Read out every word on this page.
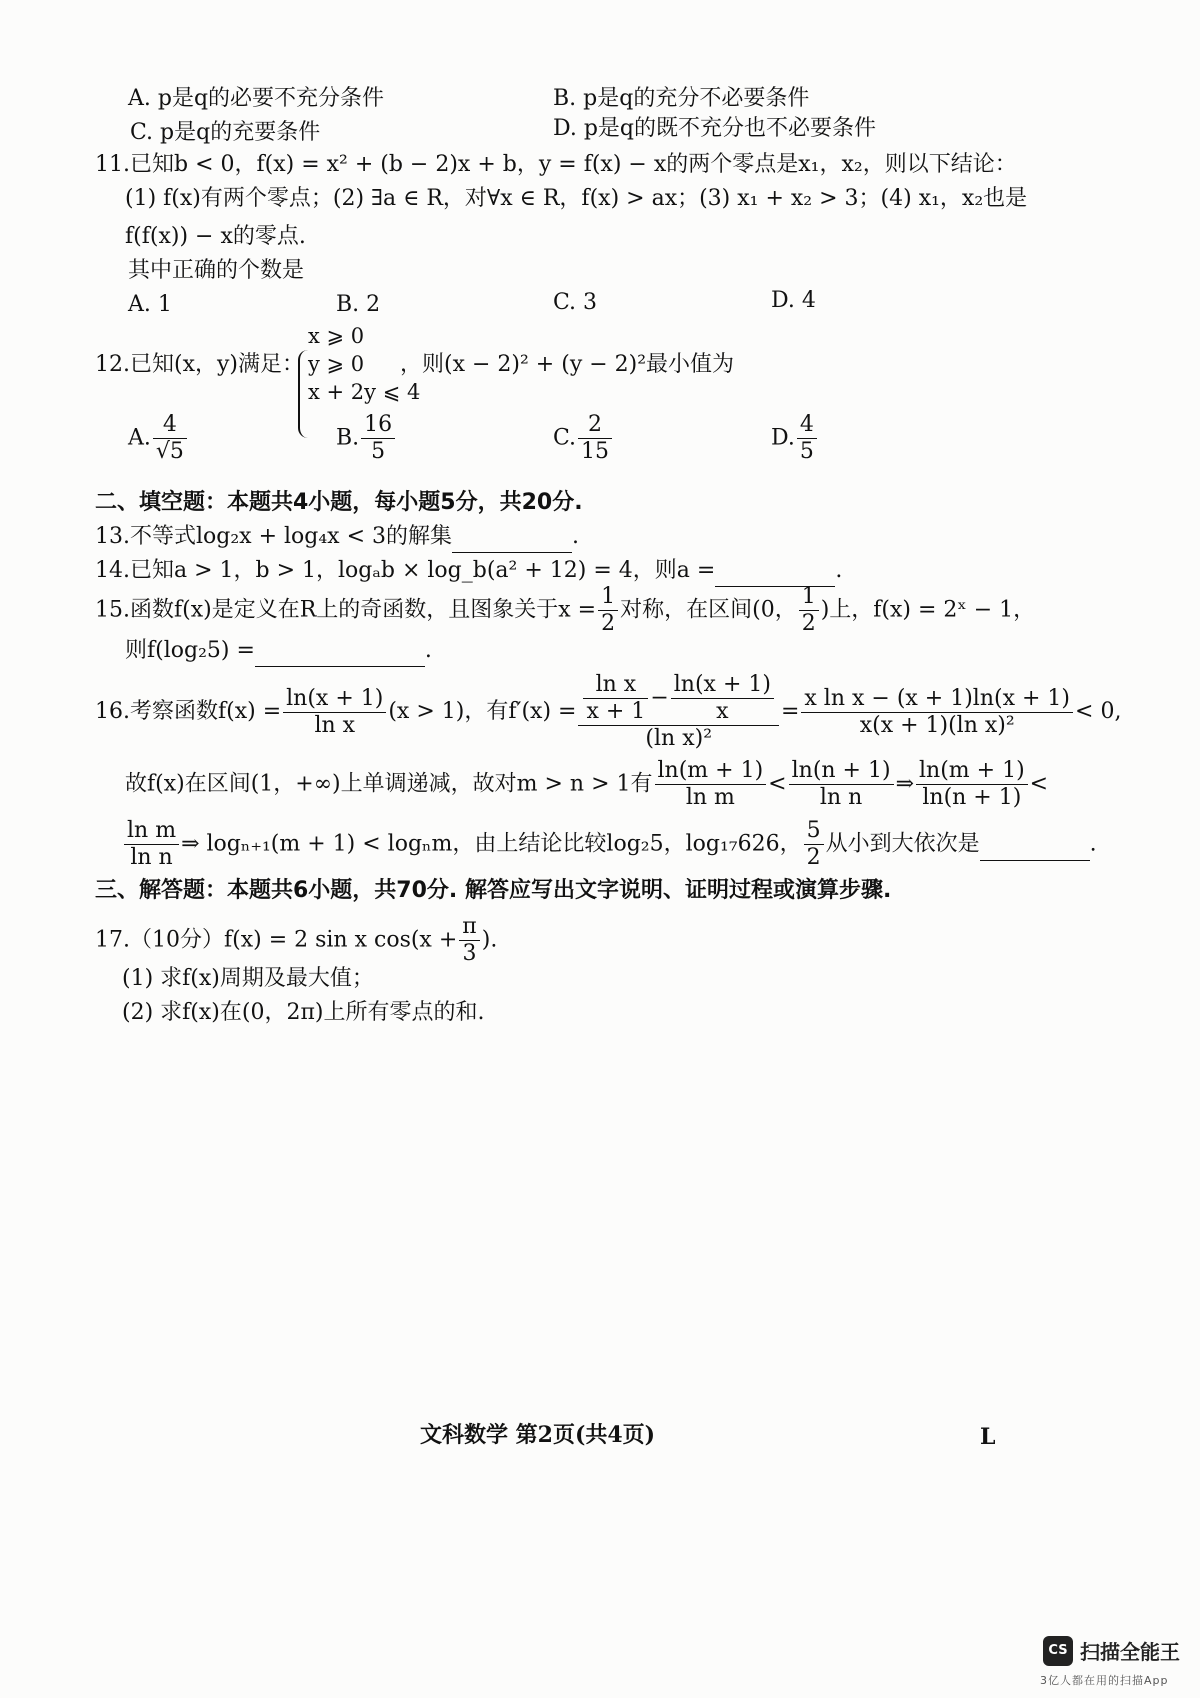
A. p是q的必要不充分条件	B. p是q的充分不必要条件
C. p是q的充要条件	D. p是q的既不充分也不必要条件
11.已知b < 0，f(x) = x² + (b − 2)x + b，y = f(x) − x的两个零点是x₁，x₂，则以下结论：
(1) f(x)有两个零点；(2) ∃a ∈ R，对∀x ∈ R，f(x) > ax；(3) x₁ + x₂ > 3；(4) x₁，x₂也是
f(f(x)) − x的零点.
其中正确的个数是
A. 1	B. 2	C. 3	D. 4
12.已知(x，y)满足：
x ⩾ 0
y ⩾ 0
x + 2y ⩽ 4
，则(x − 2)² + (y − 2)²最小值为
A. $\frac{4}{√5}$	B. $\frac{16}{5}$	C. $\frac{2}{15}$	D. $\frac{4}{5}$
二、填空题：本题共4小题，每小题5分，共20分.
13.不等式log₂x + log₄x < 3的解集	.
14.已知a > 1，b > 1，logₐb × log_b(a² + 12) = 4，则a =	.
15.函数f(x)是定义在R上的奇函数，且图象关于$x = \frac{1}{2}$ 对称，在区间(0， $\frac{1}{2}$ )上，f(x) = 2ˣ − 1，
则f(log₂5) =	.
16.考察函数$f(x) = \frac{\ln(x + 1)}{\text{ln x}} (x > 1)$，有$f'(x) = \frac{\frac{\text{ln x}}{x + 1} - \frac{\ln(x + 1)}{x}}{\text{(ln x)²}} = \frac{\text{x ln x − (x + 1)ln(x + 1)}}{\text{x(x + 1)(ln x)²}} < 0$,
故f(x)在区间(1，+∞)上单调递减，故对m > n > 1有 $\frac{\ln(m + 1)}{\text{ln m}} < \frac{\ln(n + 1)}{\text{ln n}}$ ⇒ $\frac{\ln(m + 1)}{\ln(n + 1)}$ <
$\frac{\text{ln m}}{\text{ln n}}$ ⇒ logₙ₊₁(m + 1) < logₙm，由上结论比较log₂5，log₁₇626， $\frac{5}{2}$ 从小到大依次是	.
三、解答题：本题共6小题，共70分. 解答应写出文字说明、证明过程或演算步骤.
17.（10分）f(x) = 2 sin x $\cos(x + \frac{\pi}{3}$ ).
(1) 求f(x)周期及最大值；
(2) 求f(x)在(0，2π)上所有零点的和.
文科数学 第2页(共4页)	L
CS 扫描全能王
3亿人都在用的扫描App
